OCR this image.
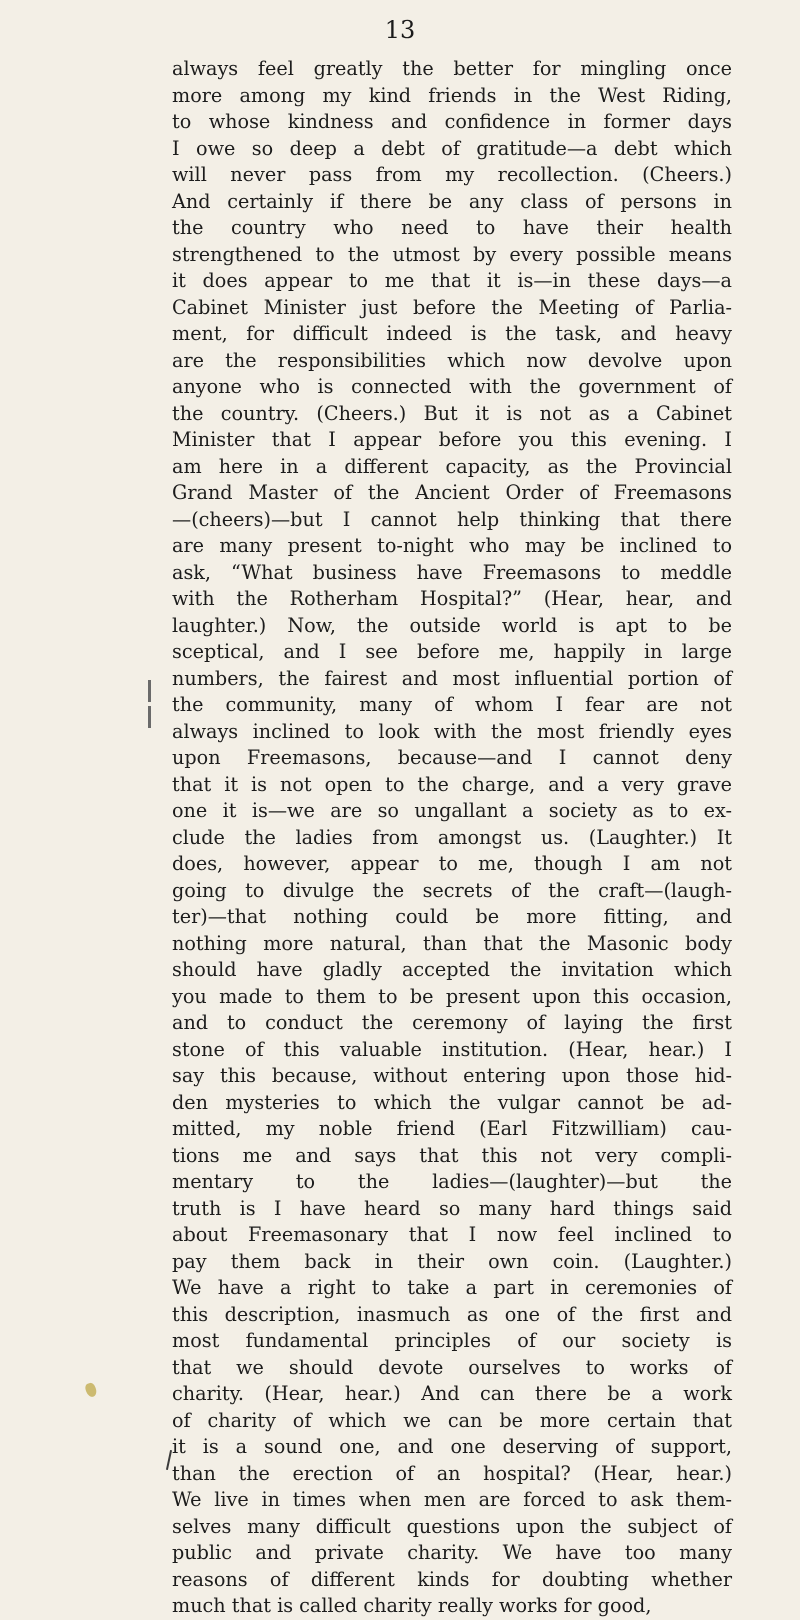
13
always feel greatly the better for mingling once
more among my kind friends in the West Riding,
to whose kindness and confidence in former days
I owe so deep a debt of gratitude—a debt which
will never pass from my recollection. (Cheers.)
And certainly if there be any class of persons in
the country who need to have their health
strengthened to the utmost by every possible means
it does appear to me that it is—in these days—a
Cabinet Minister just before the Meeting of Parlia-
ment, for difficult indeed is the task, and heavy
are the responsibilities which now devolve upon
anyone who is connected with the government of
the country. (Cheers.) But it is not as a Cabinet
Minister that I appear before you this evening. I
am here in a different capacity, as the Provincial
Grand Master of the Ancient Order of Freemasons
—(cheers)—but I cannot help thinking that there
are many present to-night who may be inclined to
ask, “What business have Freemasons to meddle
with the Rotherham Hospital?” (Hear, hear, and
laughter.) Now, the outside world is apt to be
sceptical, and I see before me, happily in large
numbers, the fairest and most influential portion of
the community, many of whom I fear are not
always inclined to look with the most friendly eyes
upon Freemasons, because—and I cannot deny
that it is not open to the charge, and a very grave
one it is—we are so ungallant a society as to ex-
clude the ladies from amongst us. (Laughter.) It
does, however, appear to me, though I am not
going to divulge the secrets of the craft—(laugh-
ter)—that nothing could be more fitting, and
nothing more natural, than that the Masonic body
should have gladly accepted the invitation which
you made to them to be present upon this occasion,
and to conduct the ceremony of laying the first
stone of this valuable institution. (Hear, hear.) I
say this because, without entering upon those hid-
den mysteries to which the vulgar cannot be ad-
mitted, my noble friend (Earl Fitzwilliam) cau-
tions me and says that this not very compli-
mentary to the ladies—(laughter)—but the
truth is I have heard so many hard things said
about Freemasonary that I now feel inclined to
pay them back in their own coin. (Laughter.)
We have a right to take a part in ceremonies of
this description, inasmuch as one of the first and
most fundamental principles of our society is
that we should devote ourselves to works of
charity. (Hear, hear.) And can there be a work
of charity of which we can be more certain that
it is a sound one, and one deserving of support,
than the erection of an hospital? (Hear, hear.)
We live in times when men are forced to ask them-
selves many difficult questions upon the subject of
public and private charity. We have too many
reasons of different kinds for doubting whether
much that is called charity really works for good,
